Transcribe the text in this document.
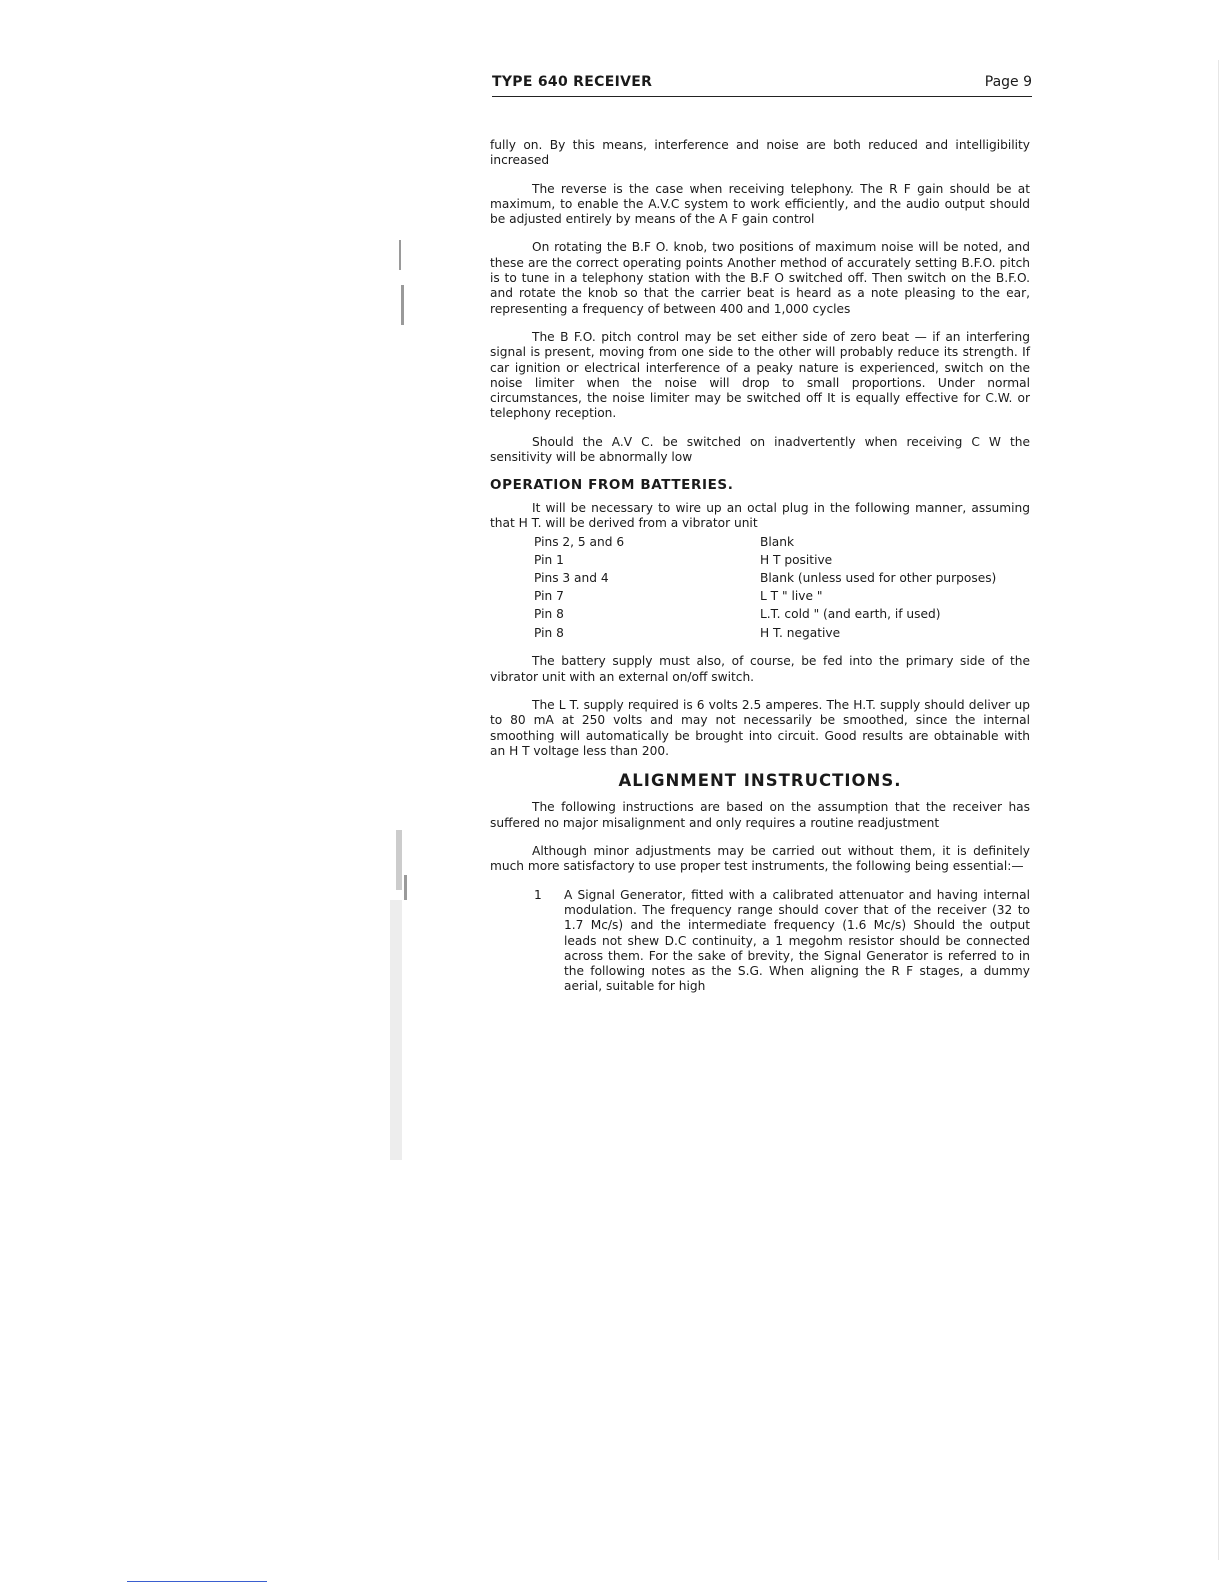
TYPE 640 RECEIVER	Page 9

fully on. By this means, interference and noise are both reduced and intelligibility increased

The reverse is the case when receiving telephony. The R F gain should be at maximum, to enable the A.V.C system to work efficiently, and the audio output should be adjusted entirely by means of the A F gain control

On rotating the B.F O. knob, two positions of maximum noise will be noted, and these are the correct operating points Another method of accurately setting B.F.O. pitch is to tune in a telephony station with the B.F O switched off. Then switch on the B.F.O. and rotate the knob so that the carrier beat is heard as a note pleasing to the ear, representing a frequency of between 400 and 1,000 cycles

The B F.O. pitch control may be set either side of zero beat — if an interfering signal is present, moving from one side to the other will probably reduce its strength. If car ignition or electrical interference of a peaky nature is experienced, switch on the noise limiter when the noise will drop to small proportions. Under normal circumstances, the noise limiter may be switched off It is equally effective for C.W. or telephony reception.

Should the A.V C. be switched on inadvertently when receiving C W the sensitivity will be abnormally low

OPERATION FROM BATTERIES.

It will be necessary to wire up an octal plug in the following manner, assuming that H T. will be derived from a vibrator unit

Pins 2, 5 and 6	Blank
Pin 1	H T positive
Pins 3 and 4	Blank (unless used for other purposes)
Pin 7	L T " live "
Pin 8	L.T. cold " (and earth, if used)
Pin 8	H T. negative

The battery supply must also, of course, be fed into the primary side of the vibrator unit with an external on/off switch.

The L T. supply required is 6 volts 2.5 amperes. The H.T. supply should deliver up to 80 mA at 250 volts and may not necessarily be smoothed, since the internal smoothing will automatically be brought into circuit. Good results are obtainable with an H T voltage less than 200.

ALIGNMENT INSTRUCTIONS.

The following instructions are based on the assumption that the receiver has suffered no major misalignment and only requires a routine readjustment

Although minor adjustments may be carried out without them, it is definitely much more satisfactory to use proper test instruments, the following being essential:—

1	A Signal Generator, fitted with a calibrated attenuator and having internal modulation. The frequency range should cover that of the receiver (32 to 1.7 Mc/s) and the intermediate frequency (1.6 Mc/s) Should the output leads not shew D.C continuity, a 1 megohm resistor should be connected across them. For the sake of brevity, the Signal Generator is referred to in the following notes as the S.G. When aligning the R F stages, a dummy aerial, suitable for high
